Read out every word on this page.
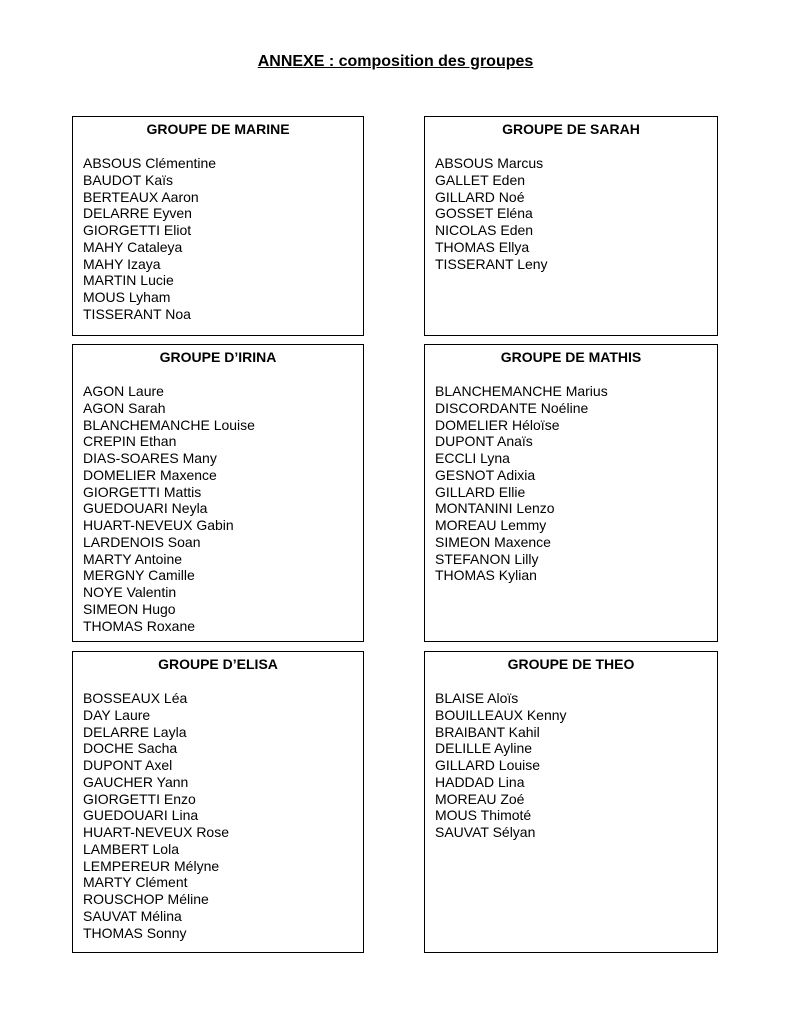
ANNEXE : composition des groupes
GROUPE DE MARINE
ABSOUS Clémentine
BAUDOT Kaïs
BERTEAUX Aaron
DELARRE Eyven
GIORGETTI Eliot
MAHY Cataleya
MAHY Izaya
MARTIN Lucie
MOUS Lyham
TISSERANT Noa
GROUPE DE SARAH
ABSOUS Marcus
GALLET Eden
GILLARD Noé
GOSSET Eléna
NICOLAS Eden
THOMAS Ellya
TISSERANT Leny
GROUPE D’IRINA
AGON Laure
AGON Sarah
BLANCHEMANCHE Louise
CREPIN Ethan
DIAS-SOARES Many
DOMELIER Maxence
GIORGETTI Mattis
GUEDOUARI Neyla
HUART-NEVEUX Gabin
LARDENOIS Soan
MARTY Antoine
MERGNY Camille
NOYE Valentin
SIMEON Hugo
THOMAS Roxane
GROUPE DE MATHIS
BLANCHEMANCHE Marius
DISCORDANTE Noéline
DOMELIER Héloïse
DUPONT Anaïs
ECCLI Lyna
GESNOT Adixia
GILLARD Ellie
MONTANINI Lenzo
MOREAU Lemmy
SIMEON Maxence
STEFANON Lilly
THOMAS Kylian
GROUPE D’ELISA
BOSSEAUX Léa
DAY Laure
DELARRE Layla
DOCHE Sacha
DUPONT Axel
GAUCHER Yann
GIORGETTI Enzo
GUEDOUARI Lina
HUART-NEVEUX Rose
LAMBERT Lola
LEMPEREUR Mélyne
MARTY Clément
ROUSCHOP Méline
SAUVAT Mélina
THOMAS Sonny
GROUPE DE THEO
BLAISE Aloïs
BOUILLEAUX Kenny
BRAIBANT Kahil
DELILLE Ayline
GILLARD Louise
HADDAD Lina
MOREAU Zoé
MOUS Thimoté
SAUVAT Sélyan
